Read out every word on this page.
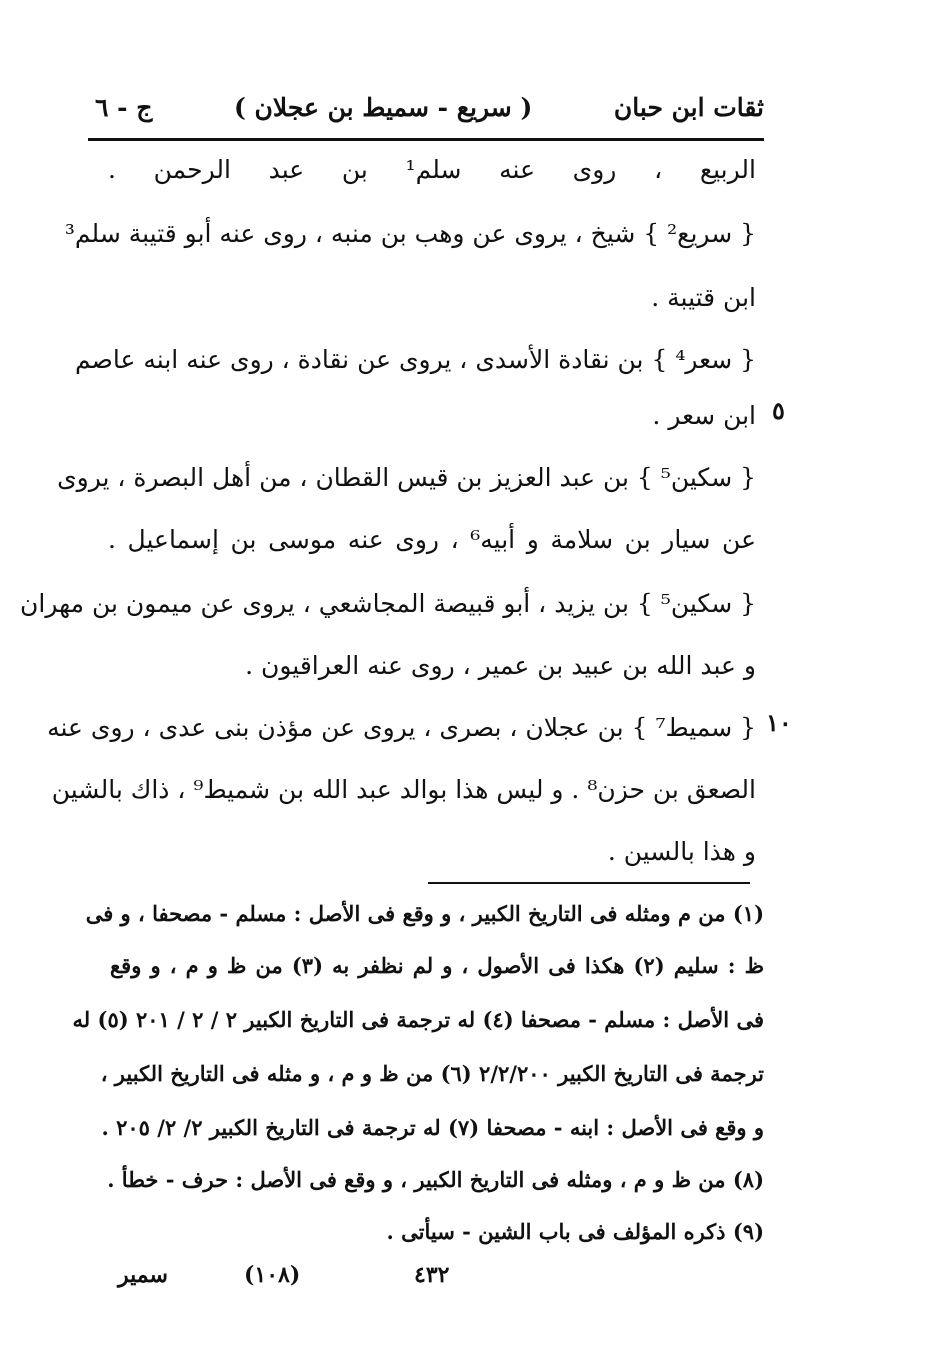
ثقات ابن حبان
( سريع - سميط بن عجلان )
ج - ٦
الربيع ، روى عنه سلم¹ بن عبد الرحمن .
{ سريع² } شيخ ، يروى عن وهب بن منبه ، روى عنه أبو قتيبة سلم³
ابن قتيبة .
{ سعر⁴ } بن نقادة الأسدى ، يروى عن نقادة ، روى عنه ابنه عاصم
ابن سعر .
{ سكين⁵ } بن عبد العزيز بن قيس القطان ، من أهل البصرة ، يروى
عن سيار بن سلامة و أبيه⁶ ، روى عنه موسى بن إسماعيل .
{ سكين⁵ } بن يزيد ، أبو قبيصة المجاشعي ، يروى عن ميمون بن مهران
و عبد الله بن عبيد بن عمير ، روى عنه العراقيون .
{ سميط⁷ } بن عجلان ، بصرى ، يروى عن مؤذن بنى عدى ، روى عنه
الصعق بن حزن⁸ . و ليس هذا بوالد عبد الله بن شميط⁹ ، ذاك بالشين
و هذا بالسين .
٥
١٠
(١) من م ومثله فى التاريخ الكبير ، و وقع فى الأصل : مسلم - مصحفا ، و فى
ظ : سليم (٢) هكذا فى الأصول ، و لم نظفر به (٣) من ظ و م ، و وقع
فى الأصل : مسلم - مصحفا (٤) له ترجمة فى التاريخ الكبير ٢ / ٢ / ٢٠١ (٥) له
ترجمة فى التاريخ الكبير ٢/٢/٢٠٠ (٦) من ظ و م ، و مثله فى التاريخ الكبير ،
و وقع فى الأصل : ابنه - مصحفا (٧) له ترجمة فى التاريخ الكبير ٢/ ٢/ ٢٠٥ .
(٨) من ظ و م ، ومثله فى التاريخ الكبير ، و وقع فى الأصل : حرف - خطأ .
(٩) ذكره المؤلف فى باب الشين - سيأتى .
سمير	(١٠٨)	٤٣٢
